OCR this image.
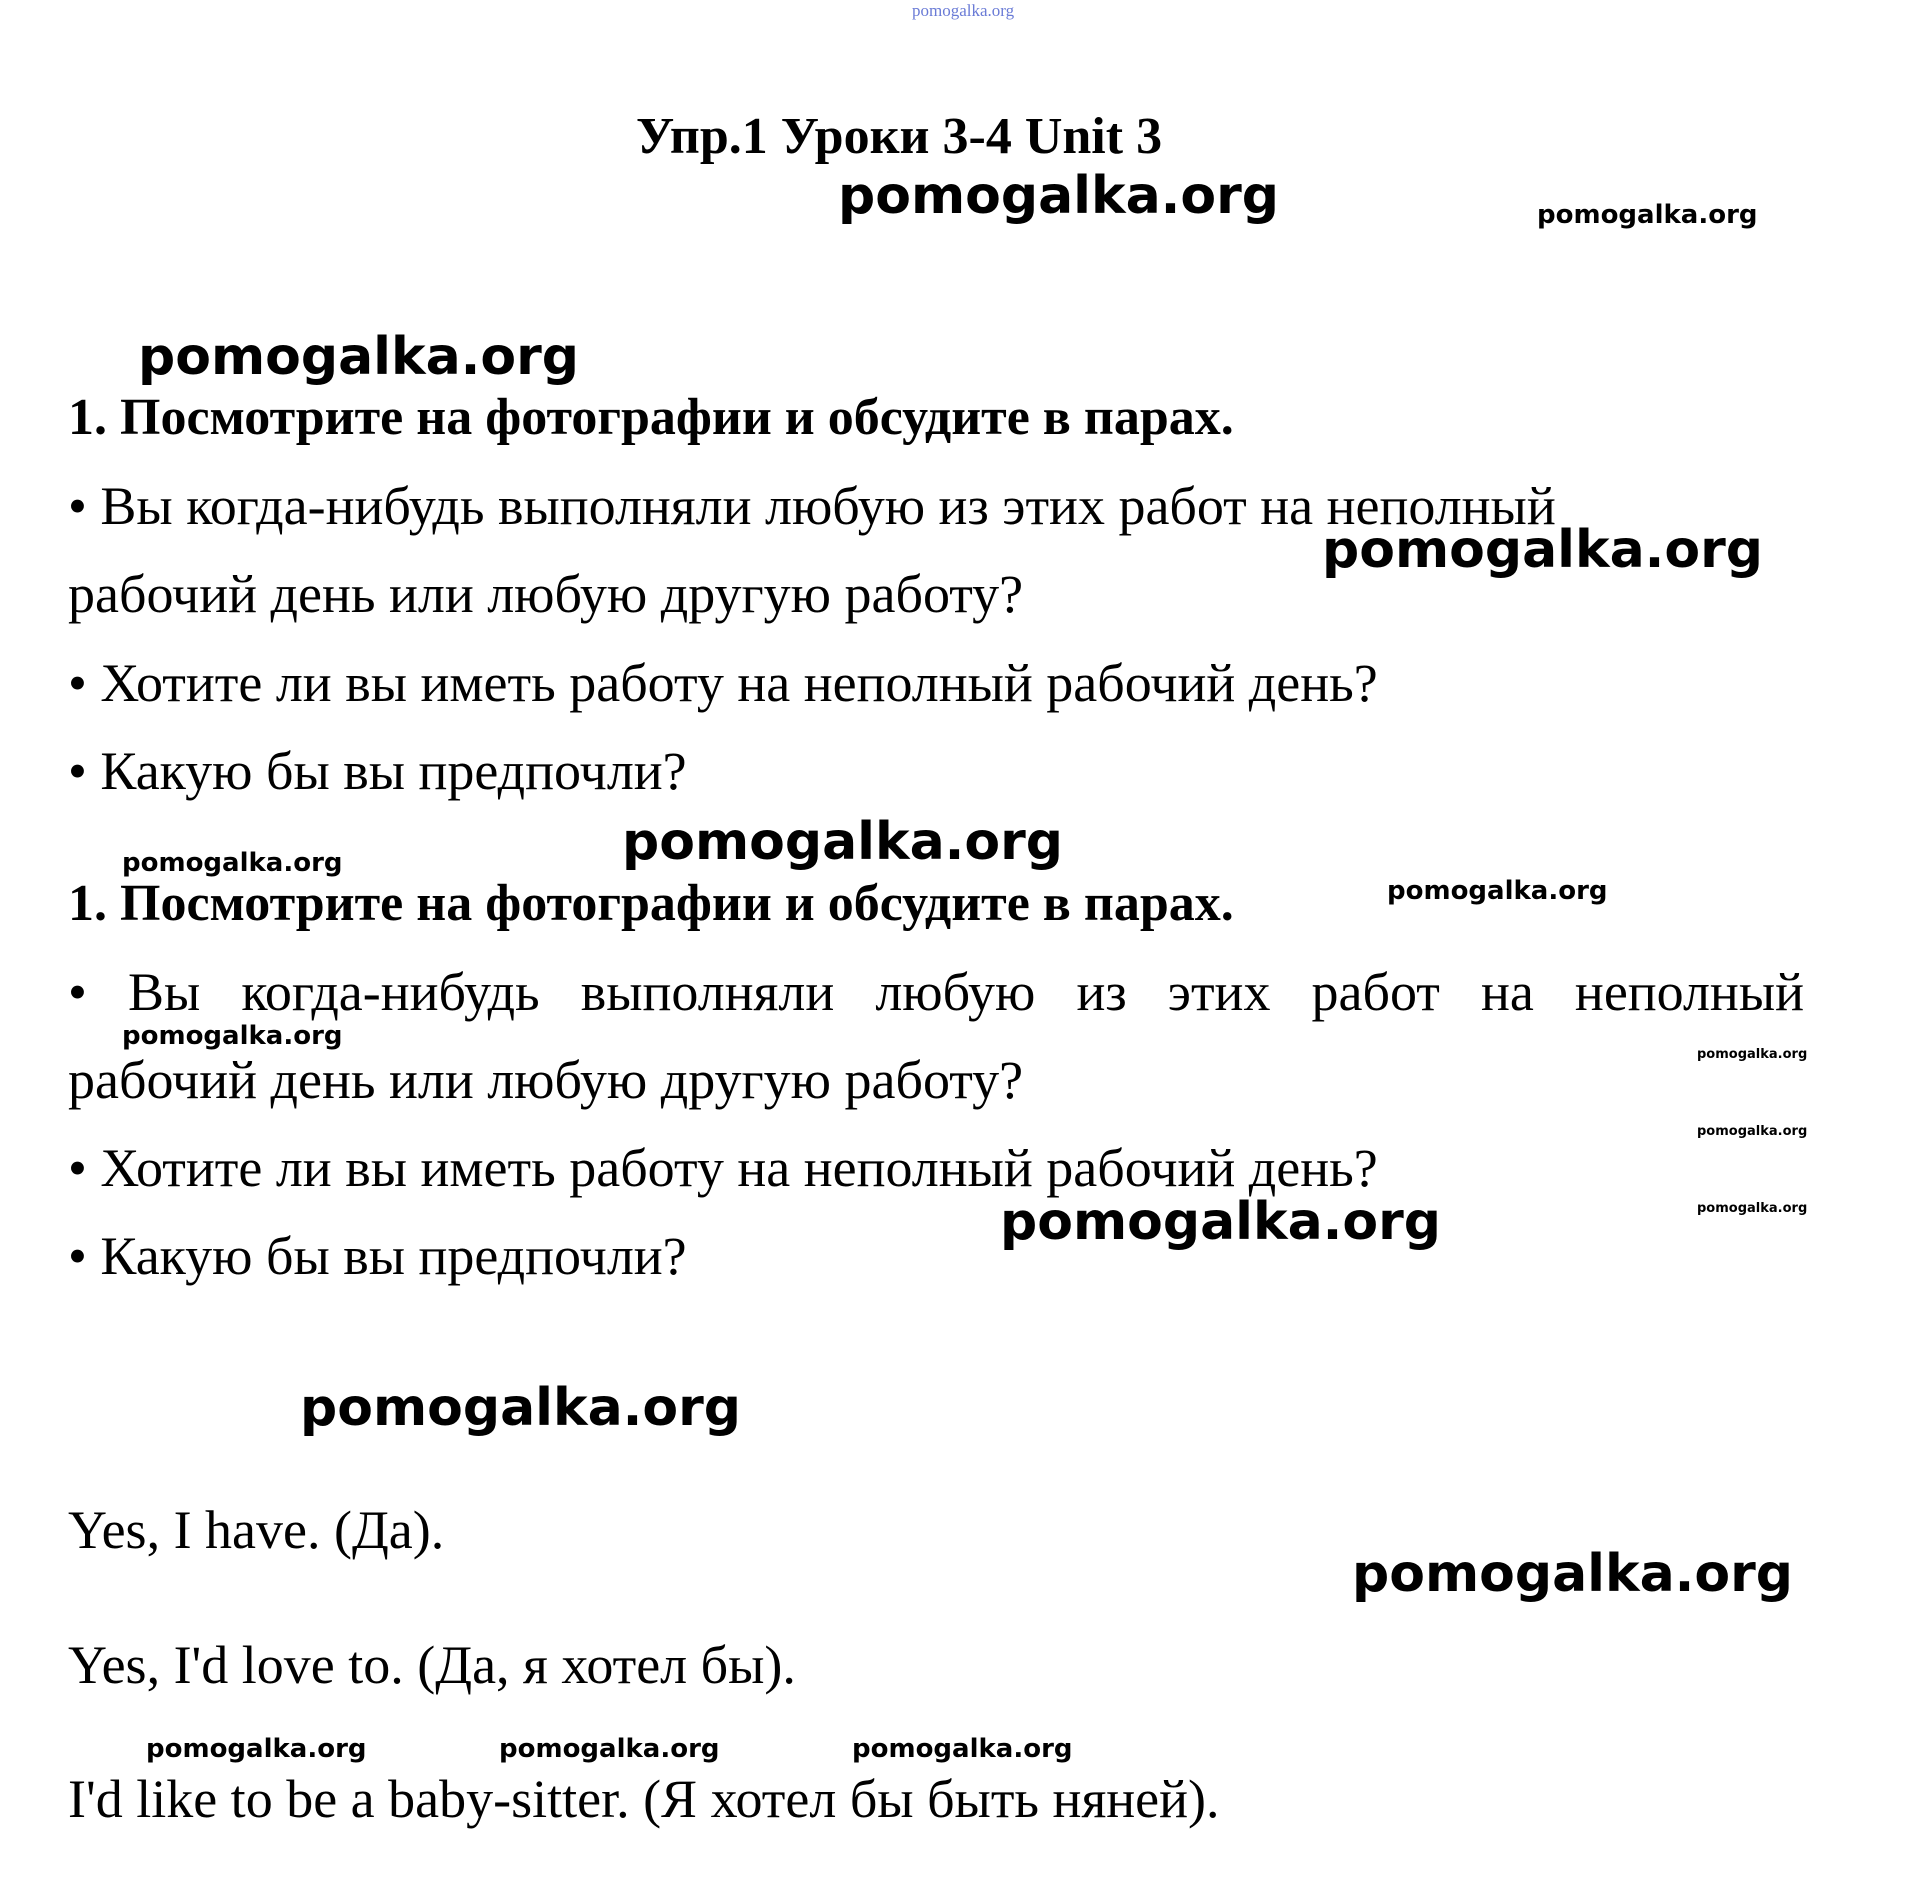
pomogalka.org
Упр.1 Уроки 3-4 Unit 3
pomogalka.org	pomogalka.org
pomogalka.org
1. Посмотрите на фотографии и обсудите в парах.
• Вы когда-нибудь выполняли любую из этих работ на неполный
pomogalka.org
рабочий день или любую другую работу?
• Хотите ли вы иметь работу на неполный рабочий день?
• Какую бы вы предпочли?
pomogalka.org
pomogalka.org
1. Посмотрите на фотографии и обсудите в парах.	pomogalka.org
• Вы когда-нибудь выполняли любую из этих работ на неполный
pomogalka.org
pomogalka.org
рабочий день или любую другую работу?
pomogalka.org
• Хотите ли вы иметь работу на неполный рабочий день?
pomogalka.org
pomogalka.org
• Какую бы вы предпочли?
pomogalka.org
Yes, I have. (Да).
pomogalka.org
Yes, I'd love to. (Да, я хотел бы).
pomogalka.org	pomogalka.org	pomogalka.org
I'd like to be a baby-sitter. (Я хотел бы быть няней).
